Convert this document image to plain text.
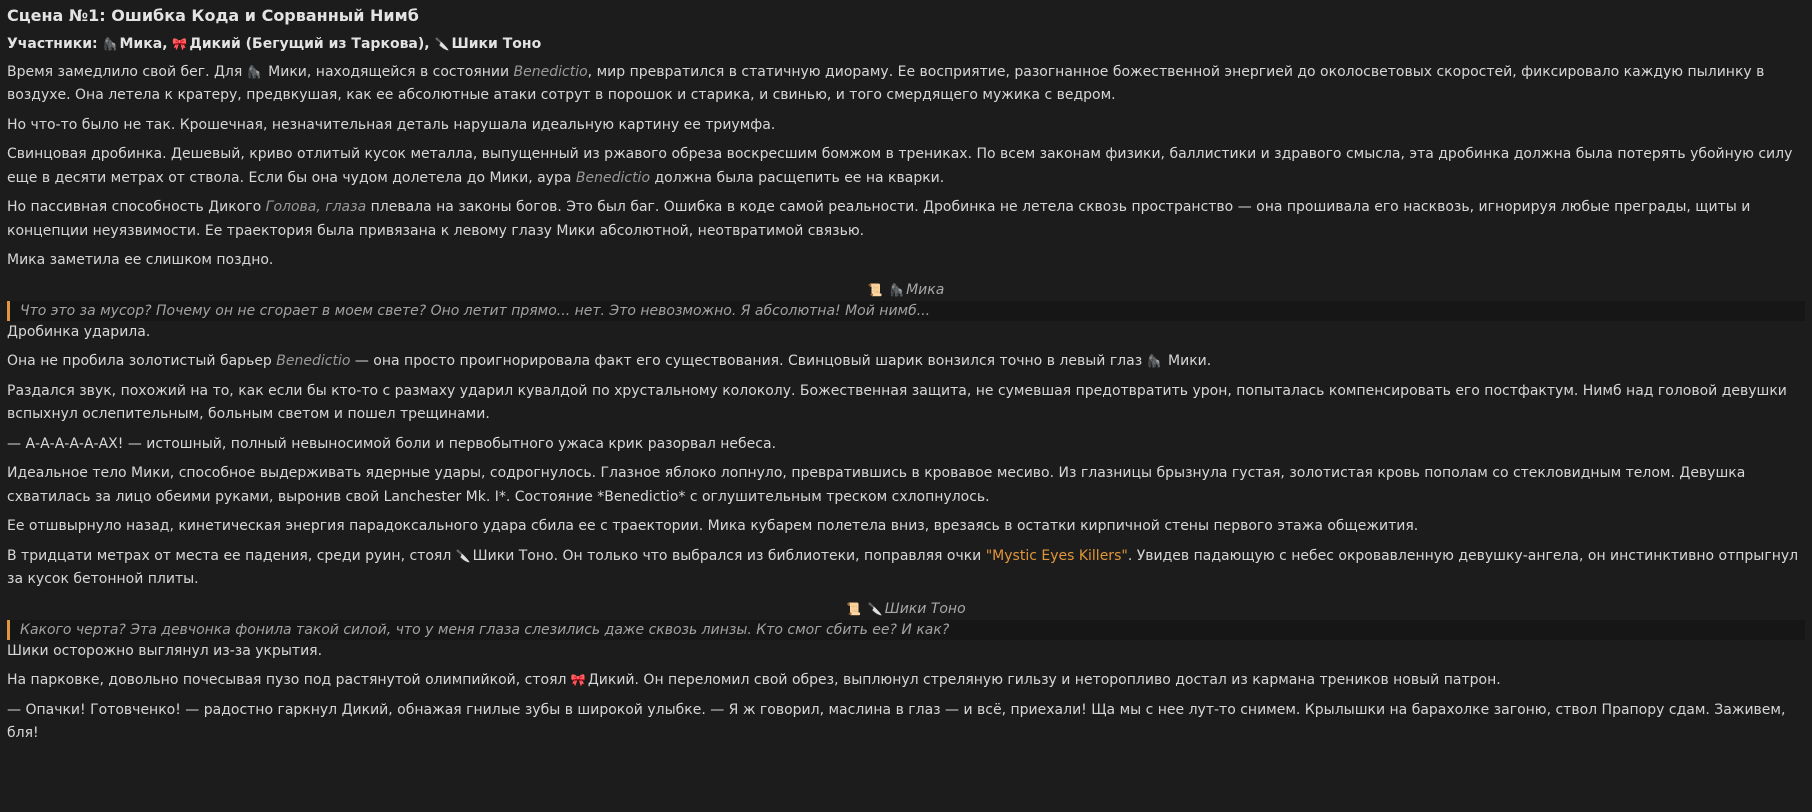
Сцена №1: Ошибка Кода и Сорванный Нимб
Участники: 🦍 Мика, 🎀 Дикий (Бегущий из Таркова), 🔪 Шики Тоно

Время замедлило свой бег. Для 🦍 Мики, находящейся в состоянии Benedictio, мир превратился в статичную диораму. Ее восприятие, разогнанное божественной энергией до околосветовых скоростей, фиксировало каждую пылинку в воздухе. Она летела к кратеру, предвкушая, как ее абсолютные атаки сотрут в порошок и старика, и свинью, и того смердящего мужика с ведром.

Но что-то было не так. Крошечная, незначительная деталь нарушала идеальную картину ее триумфа.

Свинцовая дробинка. Дешевый, криво отлитый кусок металла, выпущенный из ржавого обреза воскресшим бомжом в трениках. По всем законам физики, баллистики и здравого смысла, эта дробинка должна была потерять убойную силу еще в десяти метрах от ствола. Если бы она чудом долетела до Мики, аура Benedictio должна была расщепить ее на кварки.

Но пассивная способность Дикого Голова, глаза плевала на законы богов. Это был баг. Ошибка в коде самой реальности. Дробинка не летела сквозь пространство — она прошивала его насквозь, игнорируя любые преграды, щиты и концепции неуязвимости. Ее траектория была привязана к левому глазу Мики абсолютной, неотвратимой связью.

Мика заметила ее слишком поздно.

📜 🦍 Мика
Что это за мусор? Почему он не сгорает в моем свете? Оно летит прямо... нет. Это невозможно. Я абсолютна! Мой нимб...

Дробинка ударила.

Она не пробила золотистый барьер Benedictio — она просто проигнорировала факт его существования. Свинцовый шарик вонзился точно в левый глаз 🦍 Мики.

Раздался звук, похожий на то, как если бы кто-то с размаху ударил кувалдой по хрустальному колоколу. Божественная защита, не сумевшая предотвратить урон, попыталась компенсировать его постфактум. Нимб над головой девушки вспыхнул ослепительным, больным светом и пошел трещинами.

— А-А-А-А-А-АХ! — истошный, полный невыносимой боли и первобытного ужаса крик разорвал небеса.

Идеальное тело Мики, способное выдерживать ядерные удары, содрогнулось. Глазное яблоко лопнуло, превратившись в кровавое месиво. Из глазницы брызнула густая, золотистая кровь пополам со стекловидным телом. Девушка схватилась за лицо обеими руками, выронив свой Lanchester Mk. I*. Состояние *Benedictio* с оглушительным треском схлопнулось.

Ее отшвырнуло назад, кинетическая энергия парадоксального удара сбила ее с траектории. Мика кубарем полетела вниз, врезаясь в остатки кирпичной стены первого этажа общежития.

В тридцати метрах от места ее падения, среди руин, стоял 🔪 Шики Тоно. Он только что выбрался из библиотеки, поправляя очки "Mystic Eyes Killers". Увидев падающую с небес окровавленную девушку-ангела, он инстинктивно отпрыгнул за кусок бетонной плиты.

📜 🔪 Шики Тоно
Какого черта? Эта девчонка фонила такой силой, что у меня глаза слезились даже сквозь линзы. Кто смог сбить ее? И как?

Шики осторожно выглянул из-за укрытия.

На парковке, довольно почесывая пузо под растянутой олимпийкой, стоял 🎀 Дикий. Он переломил свой обрез, выплюнул стреляную гильзу и неторопливо достал из кармана треников новый патрон.

— Опачки! Готовченко! — радостно гаркнул Дикий, обнажая гнилые зубы в широкой улыбке. — Я ж говорил, маслина в глаз — и всё, приехали! Ща мы с нее лут-то снимем. Крылышки на барахолке загоню, ствол Прапору сдам. Заживем, бля!
